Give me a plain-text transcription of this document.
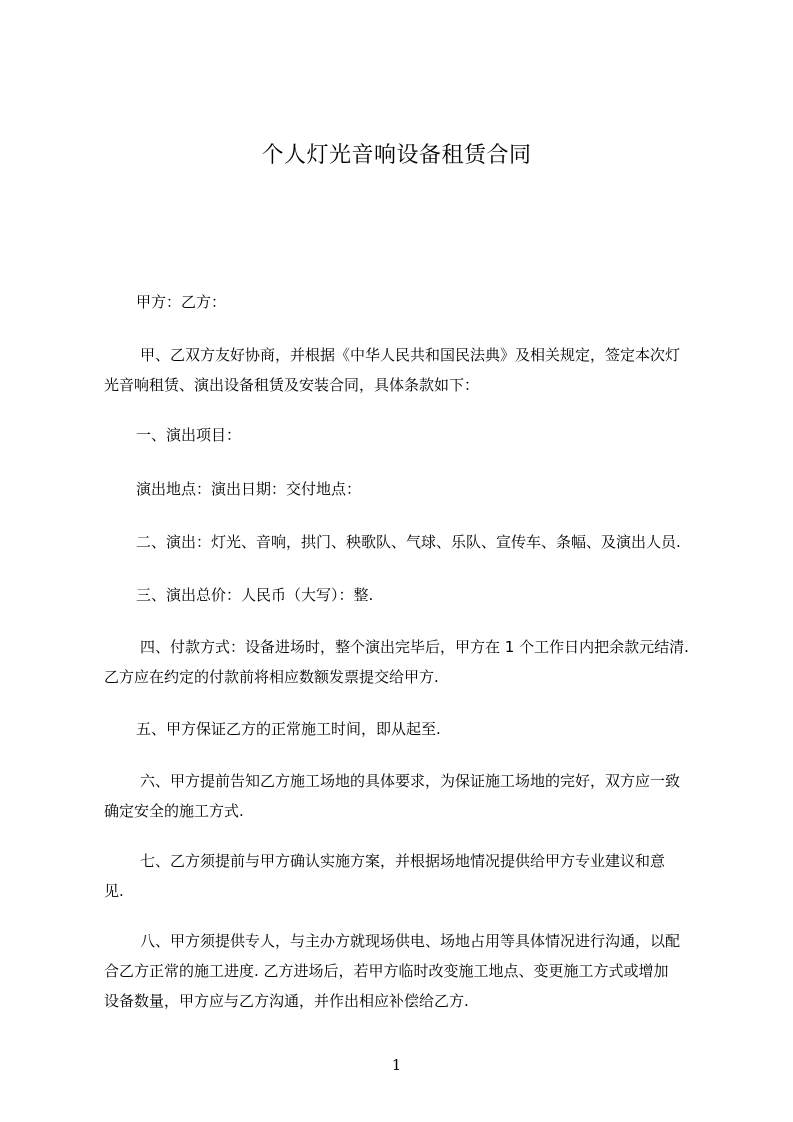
个人灯光音响设备租赁合同
甲方：乙方：
甲、乙双方友好协商，并根据《中华人民共和国民法典》及相关规定，签定本次灯
光音响租赁、演出设备租赁及安装合同，具体条款如下：
一、演出项目：
演出地点：演出日期：交付地点：
二、演出：灯光、音响，拱门、秧歌队、气球、乐队、宣传车、条幅、及演出人员.
三、演出总价：人民币（大写）：整.
四、付款方式：设备进场时，整个演出完毕后，甲方在 1 个工作日内把余款元结清.
乙方应在约定的付款前将相应数额发票提交给甲方.
五、甲方保证乙方的正常施工时间，即从起至.
六、甲方提前告知乙方施工场地的具体要求，为保证施工场地的完好，双方应一致
确定安全的施工方式.
七、乙方须提前与甲方确认实施方案，并根据场地情况提供给甲方专业建议和意
见.
八、甲方须提供专人，与主办方就现场供电、场地占用等具体情况进行沟通，以配
合乙方正常的施工进度. 乙方进场后，若甲方临时改变施工地点、变更施工方式或增加
设备数量，甲方应与乙方沟通，并作出相应补偿给乙方.
1
